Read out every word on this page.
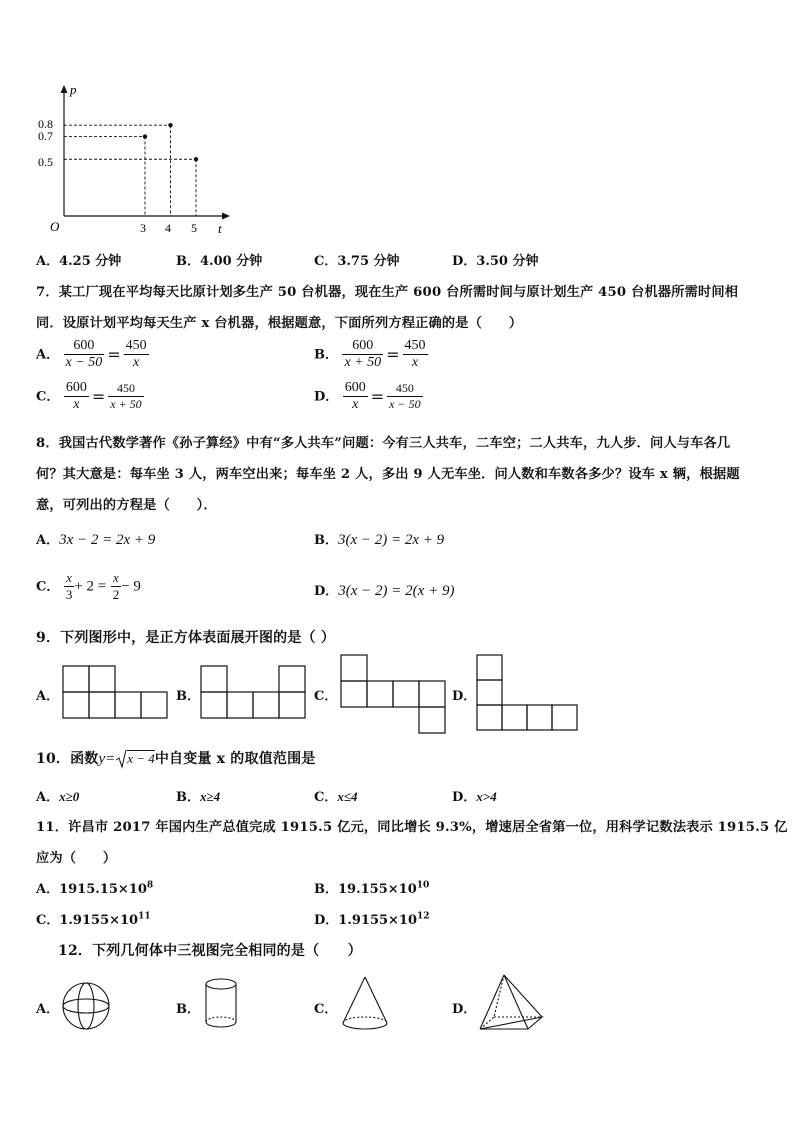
p
t
O
0.8
0.7
0.5
3 4 5
A．4.25 分钟	B．4.00 分钟	C．3.75 分钟	D．3.50 分钟
7．某工厂现在平均每天比原计划多生产 50 台机器，现在生产 600 台所需时间与原计划生产 450 台机器所需时间相
同．设原计划平均每天生产 x 台机器，根据题意，下面所列方程正确的是（　　）
A． $\frac{600}{x - 50} = \frac{450}{x}$	B． $\frac{600}{x + 50} = \frac{450}{x}$
C． $\frac{600}{x} = \frac{450}{x + 50}$	D． $\frac{600}{x} = \frac{450}{x - 50}$
8．我国古代数学著作《孙子算经》中有“多人共车”问题：今有三人共车，二车空；二人共车，九人步．问人与车各几
何？其大意是：每车坐 3 人，两车空出来；每车坐 2 人，多出 9 人无车坐．问人数和车数各多少？设车 x 辆，根据题
意，可列出的方程是（　　）．
A．3x − 2 = 2x + 9	B．3(x − 2) = 2x + 9
C． $\frac{x}{3} + 2 = \frac{x}{2} - 9$	D．3(x − 2) = 2(x + 9)
9．下列图形中，是正方体表面展开图的是（ ）
A．	B．	C．	D．
10．函数y= x − 4中自变量 x 的取值范围是
A．x≥0	B．x≥4	C．x≤4	D．x>4
11．许昌市 2017 年国内生产总值完成 1915.5 亿元，同比增长 9.3%，增速居全省第一位，用科学记数法表示 1915.5 亿
应为（　　）
A．$1915.15\times 10^8$	B．$19.155\times 10^{10}$
C．$1.9155\times 10^{11}$	D．$1.9155\times 10^{12}$
12．下列几何体中三视图完全相同的是（　　）
A．	B．	C．	D．
